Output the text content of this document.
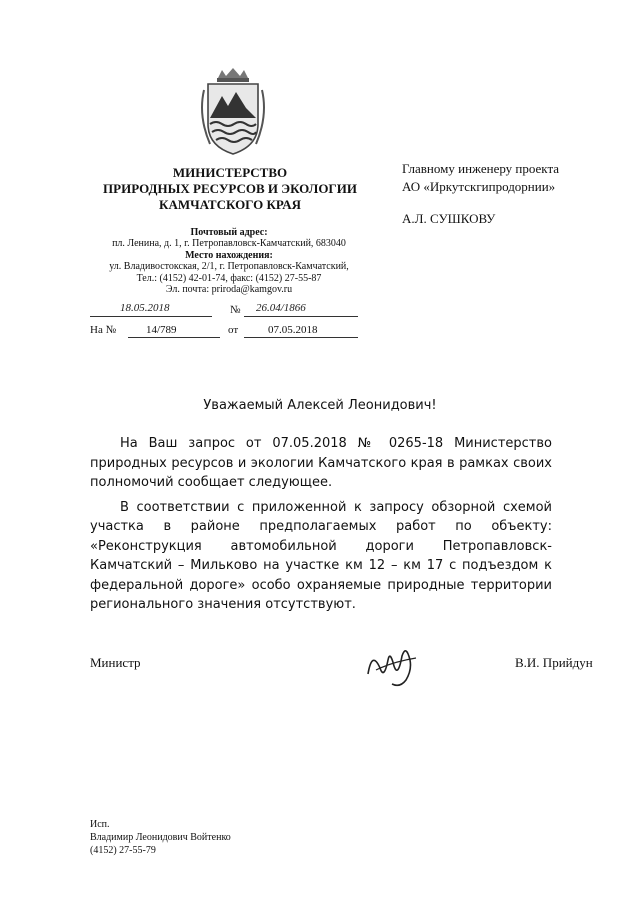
МИНИСТЕРСТВО
ПРИРОДНЫХ РЕСУРСОВ И ЭКОЛОГИИ
КАМЧАТСКОГО КРАЯ
Почтовый адрес:
пл. Ленина, д. 1, г. Петропавловск-Камчатский, 683040
Место нахождения:
ул. Владивостокская, 2/1, г. Петропавловск-Камчатский,
Тел.: (4152) 42-01-74, факс: (4152) 27-55-87
Эл. почта: priroda@kamgov.ru
18.05.2018	№ 26.04/1866
На №	14/789	от	07.05.2018
Главному инженеру проекта
АО «Иркутскгипродорнии»
А.Л. СУШКОВУ
Уважаемый Алексей Леонидович!

На Ваш запрос от 07.05.2018 № 0265-18 Министерство природных ресурсов и экологии Камчатского края в рамках своих полномочий сообщает следующее.

В соответствии с приложенной к запросу обзорной схемой участка в районе предполагаемых работ по объекту: «Реконструкция автомобильной дороги Петропавловск-Камчатский – Мильково на участке км 12 – км 17 с подъездом к федеральной дороге» особо охраняемые природные территории регионального значения отсутствуют.

Министр	В.И. Прийдун
Исп.
Владимир Леонидович Войтенко
(4152) 27-55-79
